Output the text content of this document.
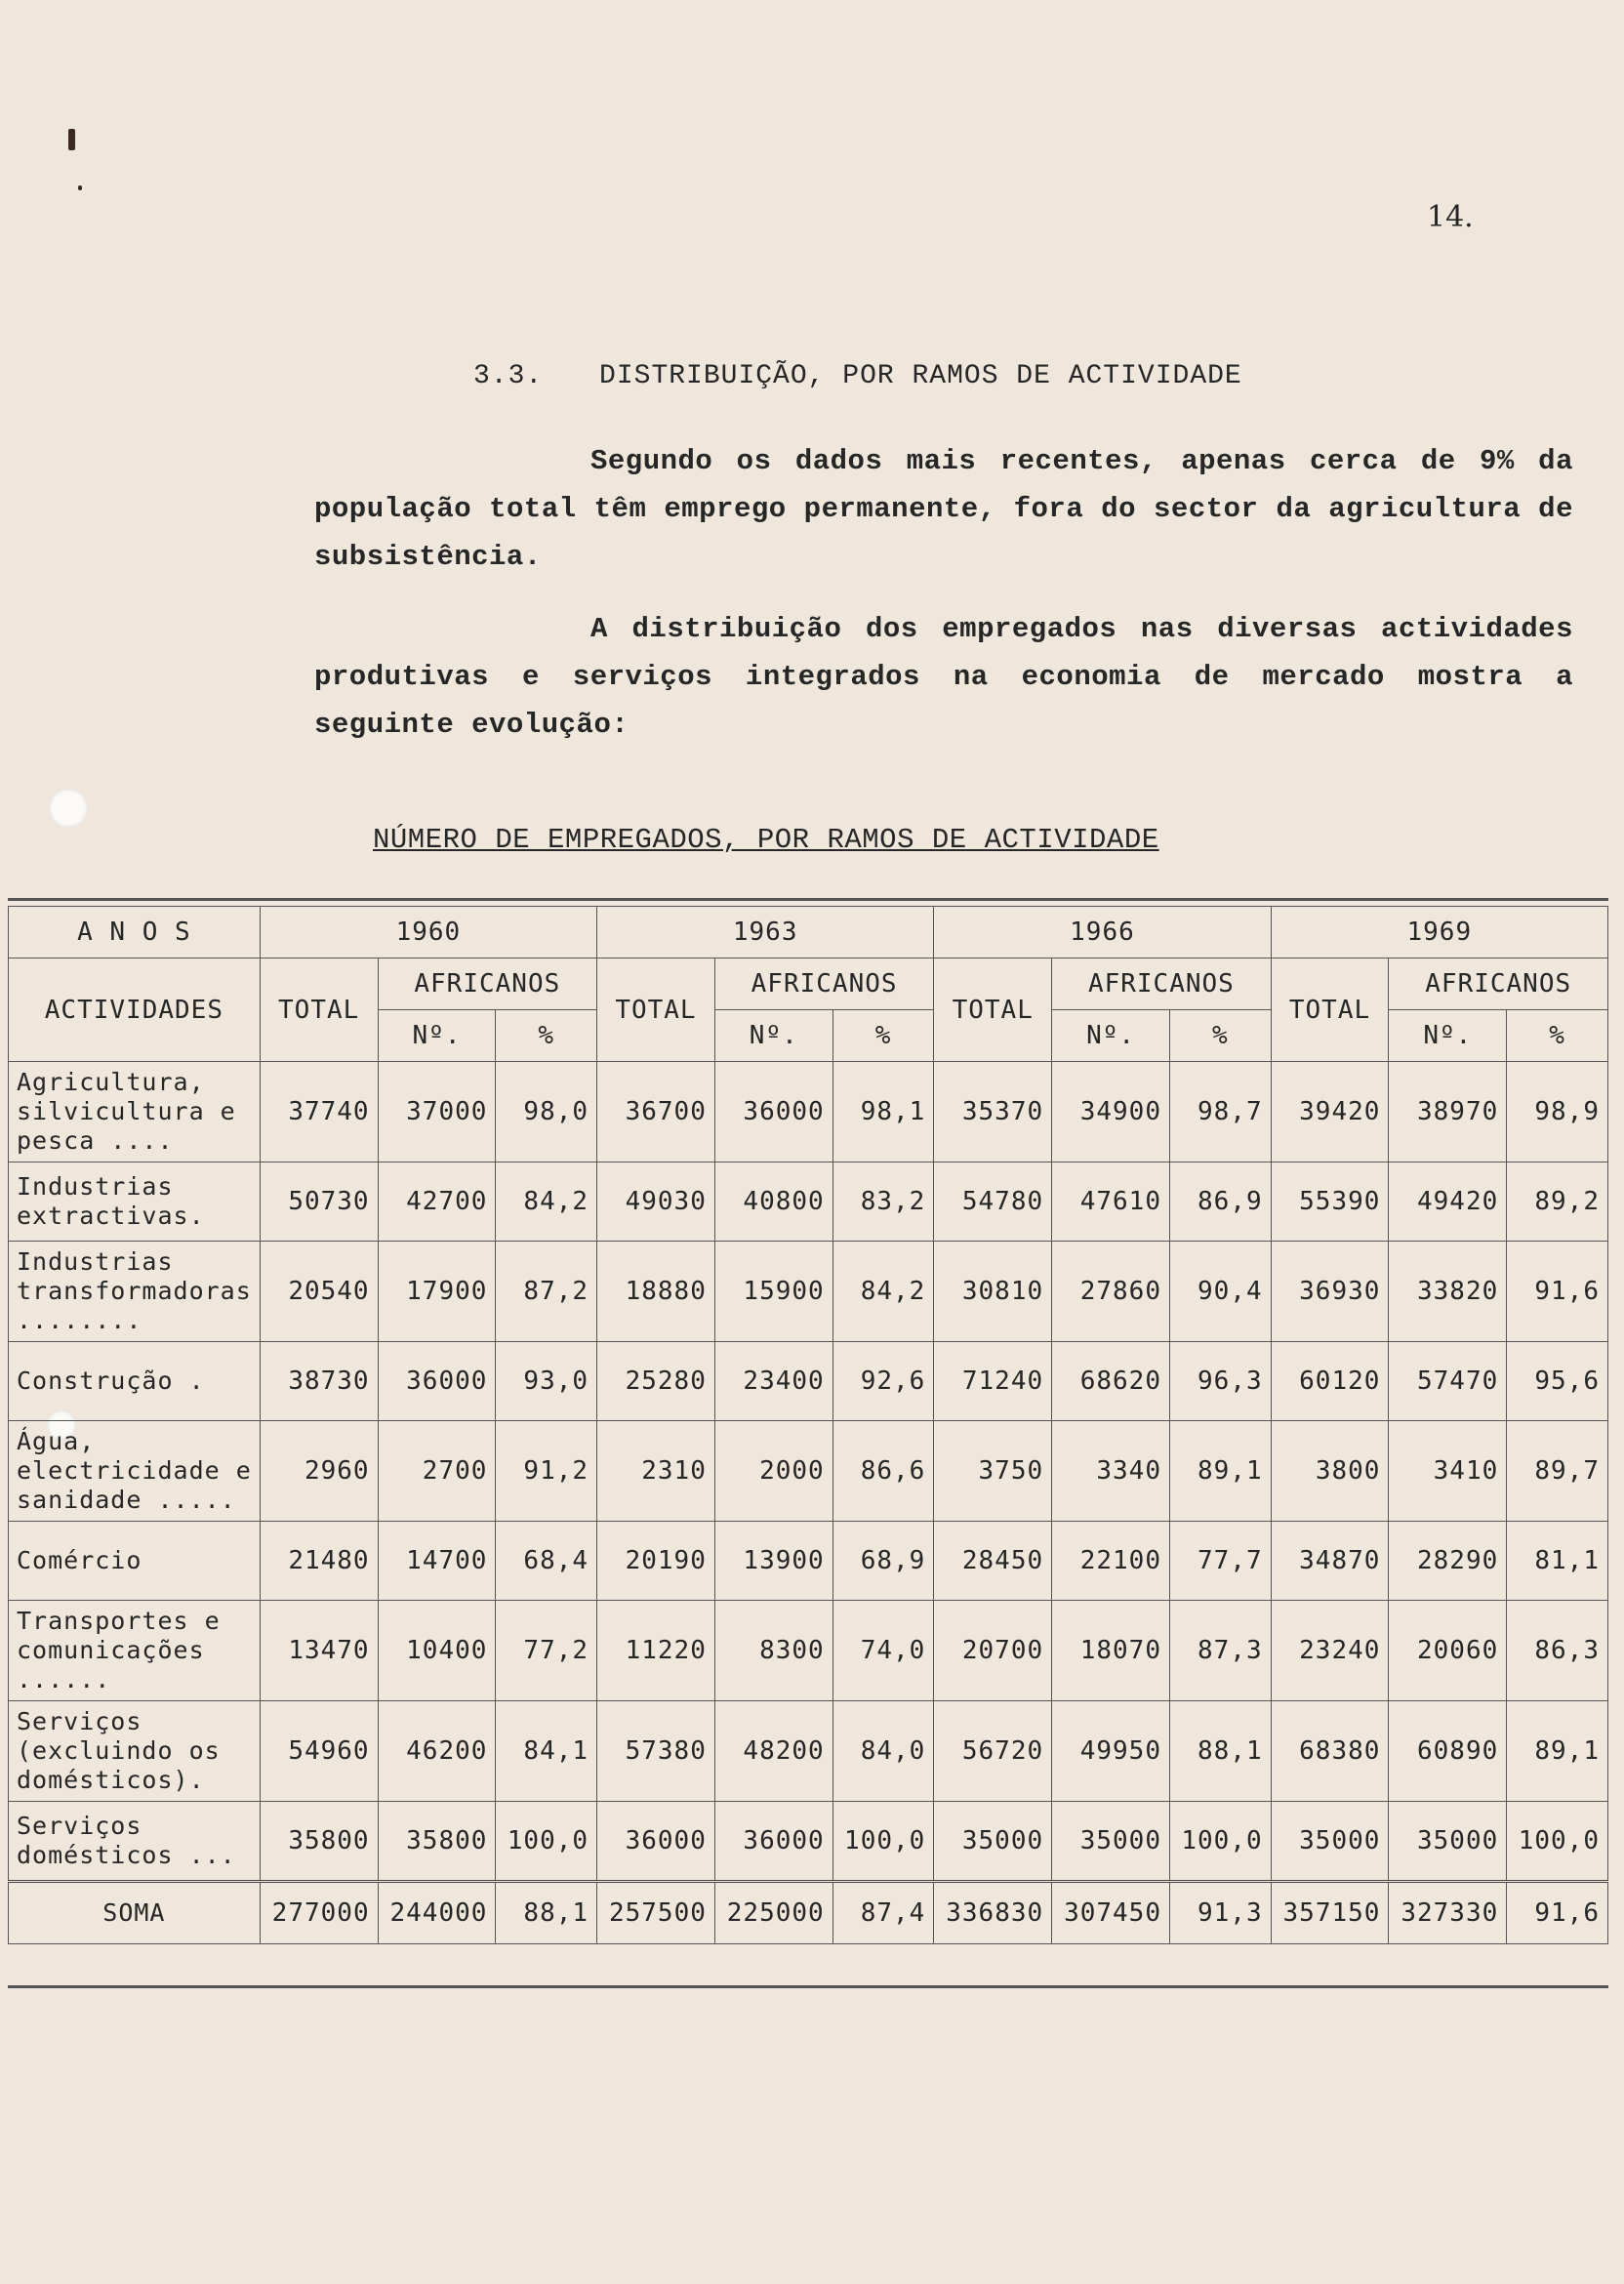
14.
3.3. DISTRIBUIÇÃO, POR RAMOS DE ACTIVIDADE

Segundo os dados mais recentes, apenas cerca de 9% da população total têm emprego permanente, fora do sector da agricultura de subsistência.

A distribuição dos empregados nas diversas actividades produtivas e serviços integrados na economia de mercado mostra a seguinte evolução:

NÚMERO DE EMPREGADOS, POR RAMOS DE ACTIVIDADE
A N O S	1960			1963			1966			1969		
ACTIVIDADES	TOTAL	AFRICANOS		TOTAL	AFRICANOS		TOTAL	AFRICANOS		TOTAL	AFRICANOS	
		Nº.	%		Nº.	%		Nº.	%		Nº.	%
Agricultura, silvicultura e pesca ....	37740	37000	98,0	36700	36000	98,1	35370	34900	98,7	39420	38970	98,9
Industrias extractivas.	50730	42700	84,2	49030	40800	83,2	54780	47610	86,9	55390	49420	89,2
Industrias transformadoras ........	20540	17900	87,2	18880	15900	84,2	30810	27860	90,4	36930	33820	91,6
Construção .	38730	36000	93,0	25280	23400	92,6	71240	68620	96,3	60120	57470	95,6
Água, electricidade e sanidade .....	2960	2700	91,2	2310	2000	86,6	3750	3340	89,1	3800	3410	89,7
Comércio	21480	14700	68,4	20190	13900	68,9	28450	22100	77,7	34870	28290	81,1
Transportes e comunicações ......	13470	10400	77,2	11220	8300	74,0	20700	18070	87,3	23240	20060	86,3
Serviços (excluindo os domésticos).	54960	46200	84,1	57380	48200	84,0	56720	49950	88,1	68380	60890	89,1
Serviços domésticos ...	35800	35800	100,0	36000	36000	100,0	35000	35000	100,0	35000	35000	100,0
SOMA	277000	244000	88,1	257500	225000	87,4	336830	307450	91,3	357150	327330	91,6
